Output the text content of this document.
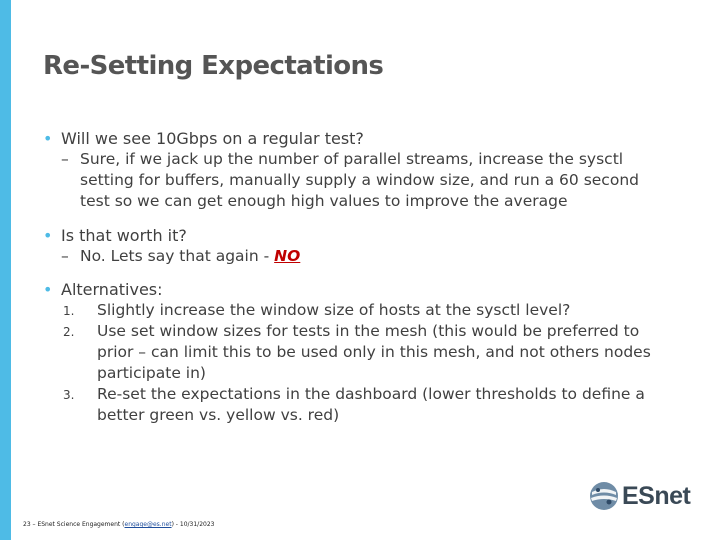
Re-Setting Expectations
• Will we see 10Gbps on a regular test?
– Sure, if we jack up the number of parallel streams, increase the sysctl
setting for buffers, manually supply a window size, and run a 60 second
test so we can get enough high values to improve the average
• Is that worth it?
– No. Lets say that again - NO
• Alternatives:
1. Slightly increase the window size of hosts at the sysctl level?
2. Use set window sizes for tests in the mesh (this would be preferred to
prior – can limit this to be used only in this mesh, and not others nodes
participate in)
3. Re-set the expectations in the dashboard (lower thresholds to define a
better green vs. yellow vs. red)
23 – ESnet Science Engagement (engage@es.net) - 10/31/2023
ESnet
